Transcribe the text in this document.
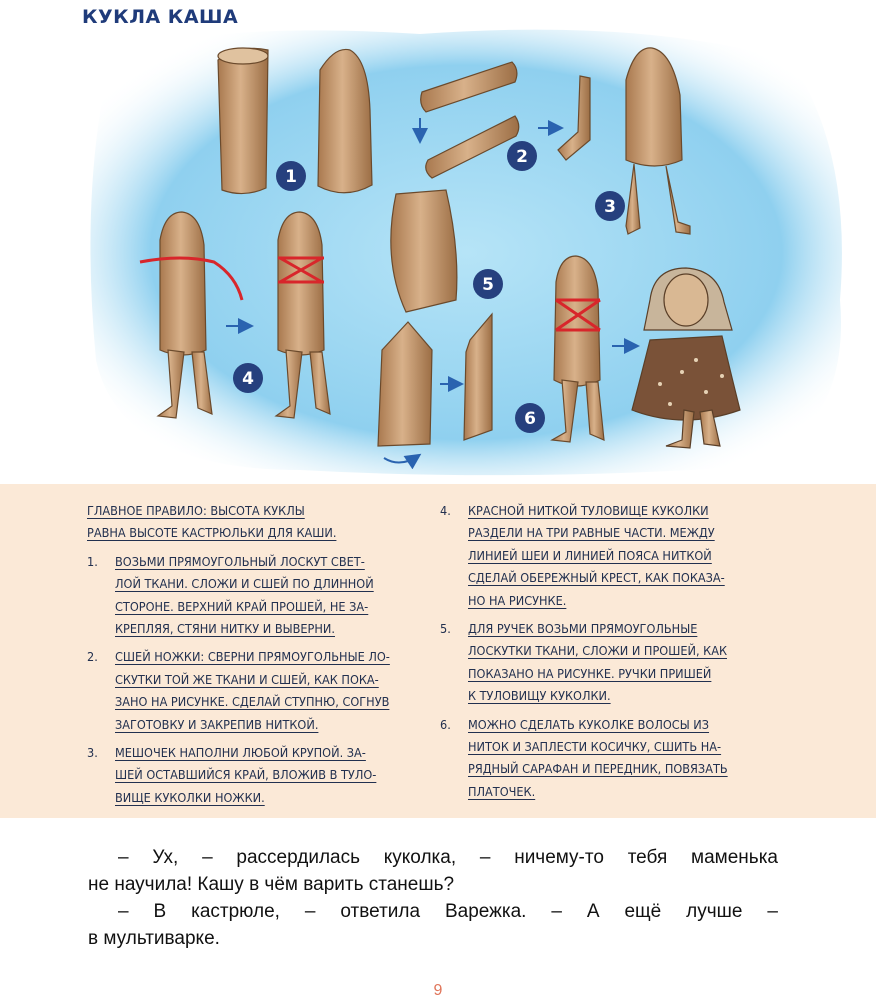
1
2
3
4
5
6
КУКЛА КАША
ГЛАВНОЕ ПРАВИЛО: ВЫСОТА КУКЛЫ
РАВНА ВЫСОТЕ КАСТРЮЛЬКИ ДЛЯ КАШИ.
1.	ВОЗЬМИ ПРЯМОУГОЛЬНЫЙ ЛОСКУТ СВЕТ-
ЛОЙ ТКАНИ. СЛОЖИ И СШЕЙ ПО ДЛИННОЙ
СТОРОНЕ. ВЕРХНИЙ КРАЙ ПРОШЕЙ, НЕ ЗА-
КРЕПЛЯЯ, СТЯНИ НИТКУ И ВЫВЕРНИ.
2.	СШЕЙ НОЖКИ: СВЕРНИ ПРЯМОУГОЛЬНЫЕ ЛО-
СКУТКИ ТОЙ ЖЕ ТКАНИ И СШЕЙ, КАК ПОКА-
ЗАНО НА РИСУНКЕ. СДЕЛАЙ СТУПНЮ, СОГНУВ
ЗАГОТОВКУ И ЗАКРЕПИВ НИТКОЙ.
3.	МЕШОЧЕК НАПОЛНИ ЛЮБОЙ КРУПОЙ. ЗА-
ШЕЙ ОСТАВШИЙСЯ КРАЙ, ВЛОЖИВ В ТУЛО-
ВИЩЕ КУКОЛКИ НОЖКИ.
4.	КРАСНОЙ НИТКОЙ ТУЛОВИЩЕ КУКОЛКИ
РАЗДЕЛИ НА ТРИ РАВНЫЕ ЧАСТИ. МЕЖДУ
ЛИНИЕЙ ШЕИ И ЛИНИЕЙ ПОЯСА НИТКОЙ
СДЕЛАЙ ОБЕРЕЖНЫЙ КРЕСТ, КАК ПОКАЗА-
НО НА РИСУНКЕ.
5.	ДЛЯ РУЧЕК ВОЗЬМИ ПРЯМОУГОЛЬНЫЕ
ЛОСКУТКИ ТКАНИ, СЛОЖИ И ПРОШЕЙ, КАК
ПОКАЗАНО НА РИСУНКЕ. РУЧКИ ПРИШЕЙ
К ТУЛОВИЩУ КУКОЛКИ.
6.	МОЖНО СДЕЛАТЬ КУКОЛКЕ ВОЛОСЫ ИЗ
НИТОК И ЗАПЛЕСТИ КОСИЧКУ, СШИТЬ НА-
РЯДНЫЙ САРАФАН И ПЕРЕДНИК, ПОВЯЗАТЬ
ПЛАТОЧЕК.
– Ух, – рассердилась куколка, – ничему-то тебя маменька
не научила! Кашу в чём варить станешь?
– В кастрюле, – ответила Варежка. – А ещё лучше –
в мультиварке.
9
